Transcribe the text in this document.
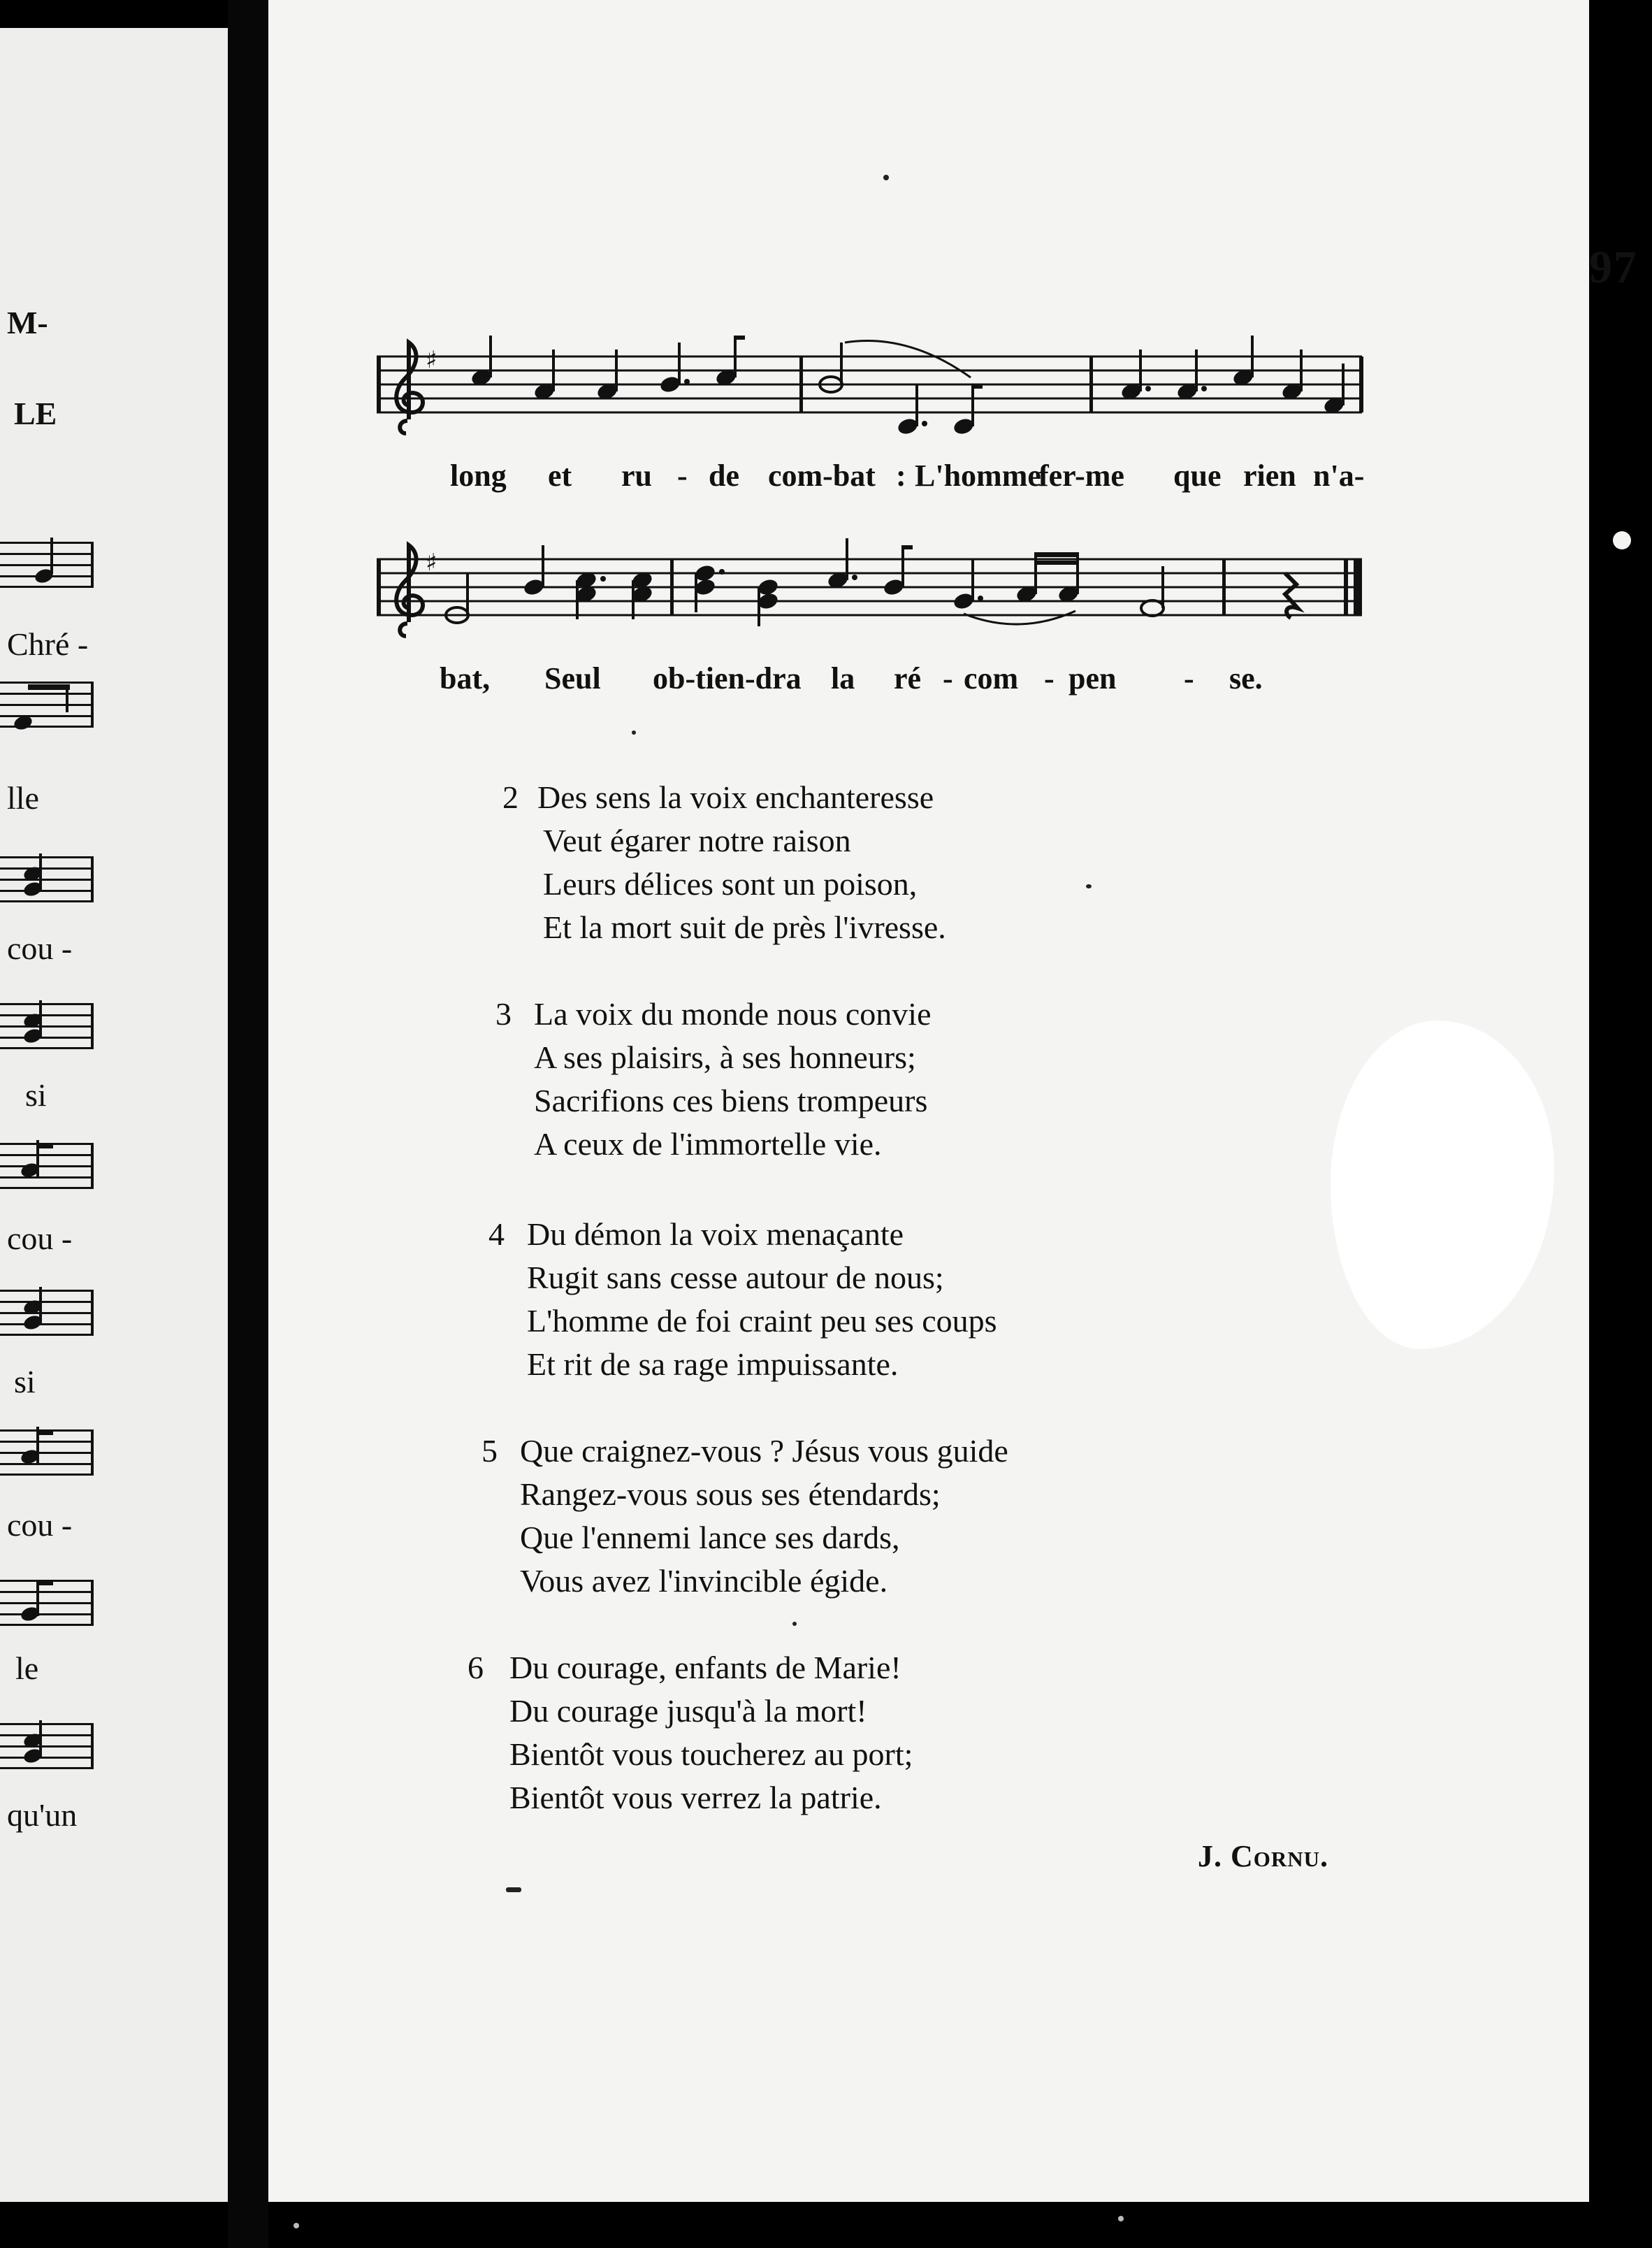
M-
LE
Chré -
lle
cou -
si
cou -
si
cou -
le
qu'un
97
♯
long et ru - de com-bat : L'homme
fer-me que rien n'a-
♯
bat, Seul ob-tien-dra la ré - com - pen - se.
2 Des sens la voix enchanteresse
Veut égarer notre raison
Leurs délices sont un poison,
Et la mort suit de près l'ivresse.
3 La voix du monde nous convie
A ses plaisirs, à ses honneurs;
Sacrifions ces biens trompeurs
A ceux de l'immortelle vie.
4 Du démon la voix menaçante
Rugit sans cesse autour de nous;
L'homme de foi craint peu ses coups
Et rit de sa rage impuissante.
5 Que craignez-vous ? Jésus vous guide
Rangez-vous sous ses étendards;
Que l'ennemi lance ses dards,
Vous avez l'invincible égide.
6 Du courage, enfants de Marie!
Du courage jusqu'à la mort!
Bientôt vous toucherez au port;
Bientôt vous verrez la patrie.
J. Cornu.
